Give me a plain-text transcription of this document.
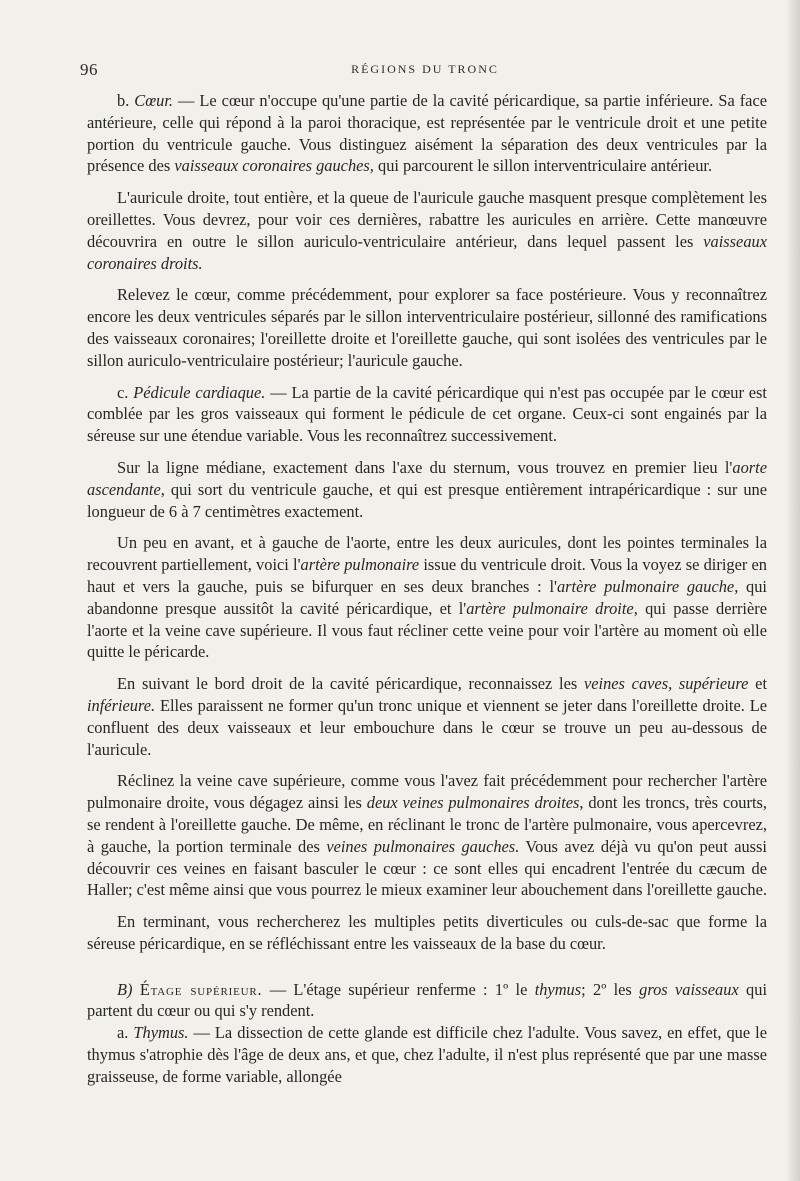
96	RÉGIONS DU TRONC

b. Cœur. — Le cœur n'occupe qu'une partie de la cavité péricardique, sa partie inférieure. Sa face antérieure, celle qui répond à la paroi thoracique, est représentée par le ventricule droit et une petite portion du ventricule gauche. Vous distinguez aisément la séparation des deux ventricules par la présence des vaisseaux coronaires gauches, qui parcourent le sillon interventriculaire antérieur.

L'auricule droite, tout entière, et la queue de l'auricule gauche masquent presque complètement les oreillettes. Vous devrez, pour voir ces dernières, rabattre les auricules en arrière. Cette manœuvre découvrira en outre le sillon auriculo-ventriculaire antérieur, dans lequel passent les vaisseaux coronaires droits.

Relevez le cœur, comme précédemment, pour explorer sa face postérieure. Vous y reconnaîtrez encore les deux ventricules séparés par le sillon interventriculaire postérieur, sillonné des ramifications des vaisseaux coronaires; l'oreillette droite et l'oreillette gauche, qui sont isolées des ventricules par le sillon auriculo-ventriculaire postérieur; l'auricule gauche.

c. Pédicule cardiaque. — La partie de la cavité péricardique qui n'est pas occupée par le cœur est comblée par les gros vaisseaux qui forment le pédicule de cet organe. Ceux-ci sont engainés par la séreuse sur une étendue variable. Vous les reconnaîtrez successivement.

Sur la ligne médiane, exactement dans l'axe du sternum, vous trouvez en premier lieu l'aorte ascendante, qui sort du ventricule gauche, et qui est presque entièrement intrapéricardique : sur une longueur de 6 à 7 centimètres exactement.

Un peu en avant, et à gauche de l'aorte, entre les deux auricules, dont les pointes terminales la recouvrent partiellement, voici l'artère pulmonaire issue du ventricule droit. Vous la voyez se diriger en haut et vers la gauche, puis se bifurquer en ses deux branches : l'artère pulmonaire gauche, qui abandonne presque aussitôt la cavité péricardique, et l'artère pulmonaire droite, qui passe derrière l'aorte et la veine cave supérieure. Il vous faut récliner cette veine pour voir l'artère au moment où elle quitte le péricarde.

En suivant le bord droit de la cavité péricardique, reconnaissez les veines caves, supérieure et inférieure. Elles paraissent ne former qu'un tronc unique et viennent se jeter dans l'oreillette droite. Le confluent des deux vaisseaux et leur embouchure dans le cœur se trouve un peu au-dessous de l'auricule.

Réclinez la veine cave supérieure, comme vous l'avez fait précédemment pour rechercher l'artère pulmonaire droite, vous dégagez ainsi les deux veines pulmonaires droites, dont les troncs, très courts, se rendent à l'oreillette gauche. De même, en réclinant le tronc de l'artère pulmonaire, vous apercevrez, à gauche, la portion terminale des veines pulmonaires gauches. Vous avez déjà vu qu'on peut aussi découvrir ces veines en faisant basculer le cœur : ce sont elles qui encadrent l'entrée du cæcum de Haller; c'est même ainsi que vous pourrez le mieux examiner leur abouchement dans l'oreillette gauche.

En terminant, vous rechercherez les multiples petits diverticules ou culs-de-sac que forme la séreuse péricardique, en se réfléchissant entre les vaisseaux de la base du cœur.

B) Étage supérieur. — L'étage supérieur renferme : 1º le thymus; 2º les gros vaisseaux qui partent du cœur ou qui s'y rendent.

a. Thymus. — La dissection de cette glande est difficile chez l'adulte. Vous savez, en effet, que le thymus s'atrophie dès l'âge de deux ans, et que, chez l'adulte, il n'est plus représenté que par une masse graisseuse, de forme variable, allongée
